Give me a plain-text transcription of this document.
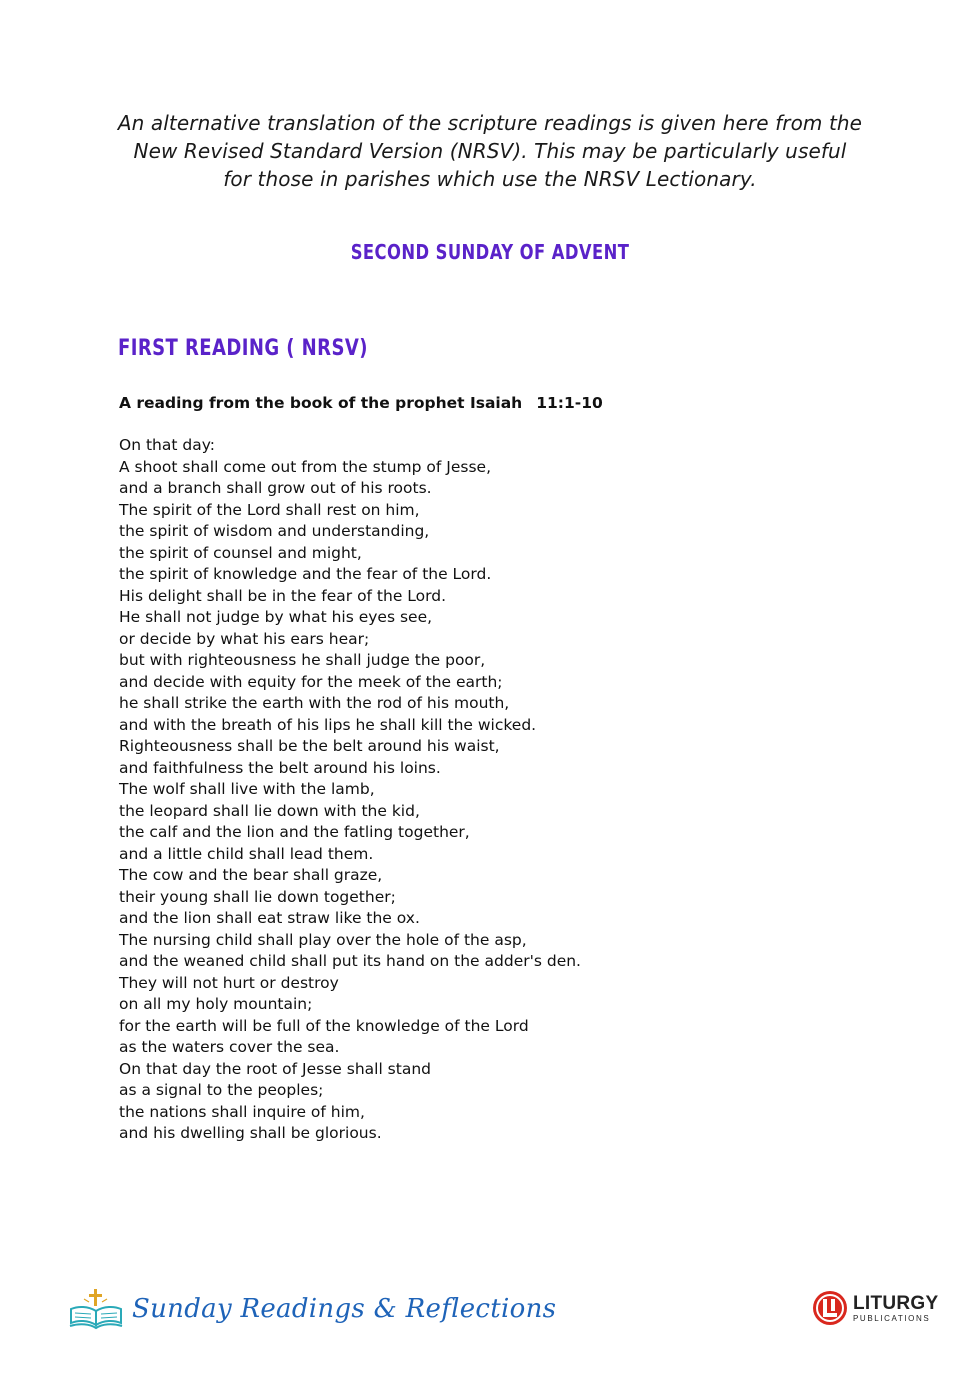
An alternative translation of the scripture readings is given here from the
New Revised Standard Version (NRSV). This may be particularly useful
for those in parishes which use the NRSV Lectionary.
SECOND SUNDAY OF ADVENT
FIRST READING ( NRSV)
A reading from the book of the prophet Isaiah 11:1-10
On that day:
A shoot shall come out from the stump of Jesse,
and a branch shall grow out of his roots.
The spirit of the Lord shall rest on him,
the spirit of wisdom and understanding,
the spirit of counsel and might,
the spirit of knowledge and the fear of the Lord.
His delight shall be in the fear of the Lord.
He shall not judge by what his eyes see,
or decide by what his ears hear;
but with righteousness he shall judge the poor,
and decide with equity for the meek of the earth;
he shall strike the earth with the rod of his mouth,
and with the breath of his lips he shall kill the wicked.
Righteousness shall be the belt around his waist,
and faithfulness the belt around his loins.
The wolf shall live with the lamb,
the leopard shall lie down with the kid,
the calf and the lion and the fatling together,
and a little child shall lead them.
The cow and the bear shall graze,
their young shall lie down together;
and the lion shall eat straw like the ox.
The nursing child shall play over the hole of the asp,
and the weaned child shall put its hand on the adder's den.
They will not hurt or destroy
on all my holy mountain;
for the earth will be full of the knowledge of the Lord
as the waters cover the sea.
On that day the root of Jesse shall stand
as a signal to the peoples;
the nations shall inquire of him,
and his dwelling shall be glorious.
Sunday Readings & Reflections	LITURGY
PUBLICATIONS
